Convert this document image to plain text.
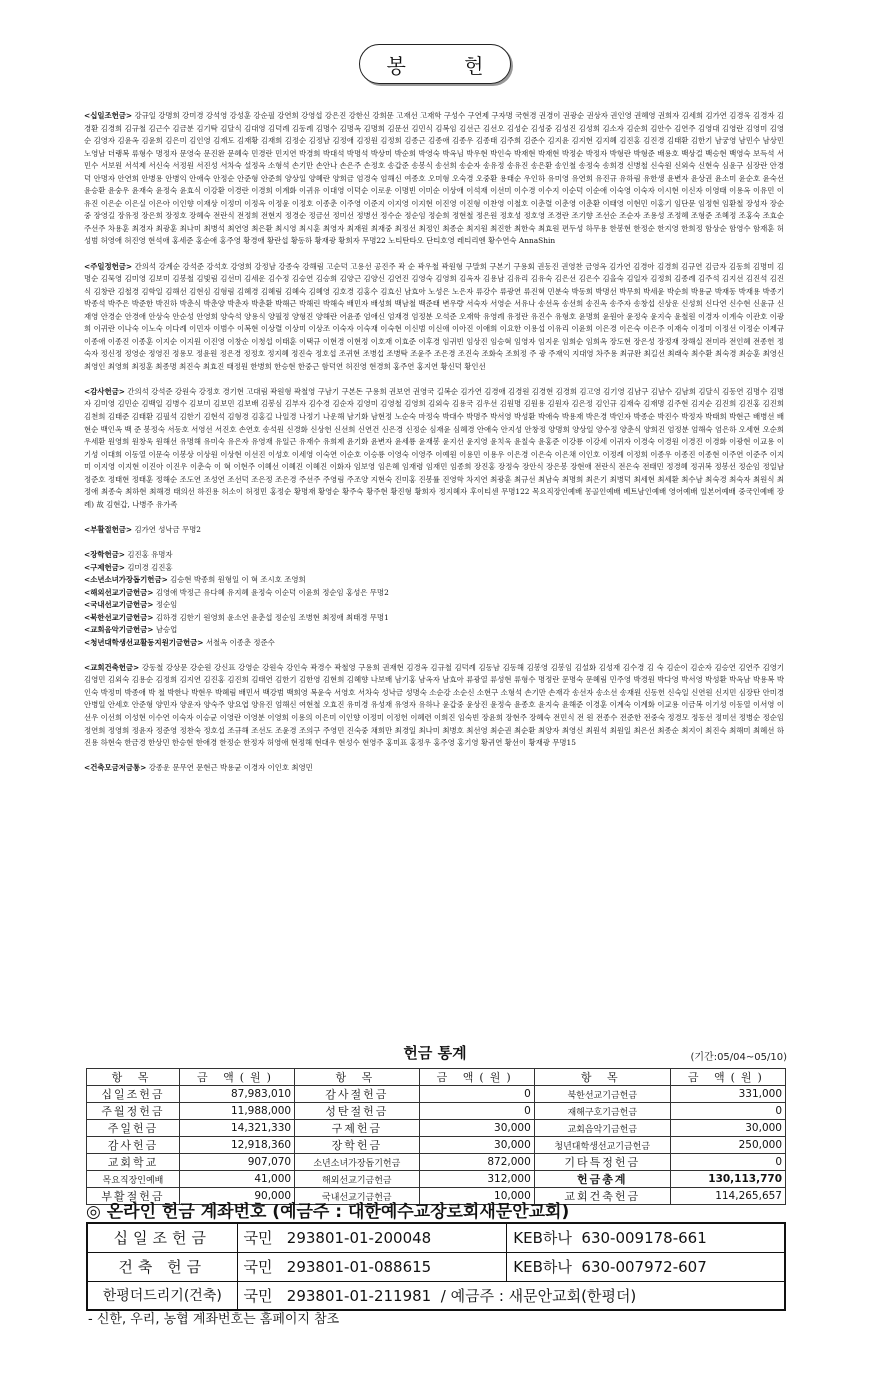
봉 헌
<십일조헌금> 강규일 강명희 강미경 강석영 강성훈 강순필 강연희 강영섭 강은진 강한신 강희문 고재선 고재학 구성수 구연제 구자명 국현경 권경이 권광순 권상자 권인영 권혜영 권희자 김세희 김가연 김경욱 김경자 김경환 김경희 김규철 김근수 김금분 김기탁 김달식 김대영 김덕례 김동례 김명수 김명옥 김명희 김문선 김민식 김복임 김선근 김선오 김성순 김성중 김성진 김성희 김소자 김순희 김안수 김연주 김영대 김영란 김영미 김영순 김영자 김윤옥 김윤희 김은미 김인영 김재도 김재황 김재희 김정순 김정남 김정애 김정원 김정희 김종근 김종애 김종우 김종태 김주희 김준수 김지윤 김지현 김지혜 김진홍 김진경 김태환 김한기 남궁영 남민수 남상민 노영남 더랭복 류형수 명정자 문영숙 문진완 문혜숙 민경란 민지연 박경희 박대석 박명석 박상미 박순희 박영숙 박옥님 박우현 박인숙 박재현 박재현 박정순 박정자 박형란 박형준 배용호 백상걸 백승현 백영숙 보득석 서민수 서보원 서석제 서신숙 서정원 서진성 서차숙 설정옥 소형석 손기만 손안나 손은주 손정호 송갑준 송봉식 송선희 송순자 송유정 송유진 송은환 송인철 송정숙 송희경 신병철 신숙원 신외숙 신현숙 심윤구 심장란 안경덕 안명자 안연희 안병용 안병익 안애숙 안정순 안준형 안준희 양상일 양혜란 양희금 엄경숙 엄해신 여종호 오미형 오숙경 오중환 용태순 우인하 유미영 유연희 유진규 유하림 유한생 윤변자 윤상권 윤소미 윤순호 윤숙선 윤승환 윤숭우 윤재숙 윤정숙 윤효식 이강환 이경란 이경희 이계화 이귀유 이대영 이덕순 이로운 이명빈 이미순 이상애 이석재 이선미 이수경 이수지 이순덕 이순애 이숙영 이숙자 이시현 이신자 이영태 이용옥 이유민 이유진 이은순 이은실 이은아 이인향 이재상 이정미 이정옥 이정윤 이정호 이종춘 이주영 이준지 이지영 이지현 이진영 이진형 이찬영 이철호 이춘렬 이춘영 이춘환 이태영 이현민 이홍기 임단문 임정현 임환철 장성자 장순중 장영길 장유정 장은희 장정호 장혜숙 전란식 전정희 전현지 정경순 정금선 정미선 정병선 정수순 정순임 정순희 정현철 정은원 정호성 정호영 조경란 조기향 조선순 조순자 조용성 조정혜 조형준 조혜정 조홍숙 조효순 주선주 차용훈 최경자 최광훈 최나미 최병석 최연영 최은환 최시영 최시훈 최영자 최재원 최재중 최정선 최정인 최종순 최지원 최진한 최한숙 최효원 편두성 하무용 한봉현 한정순 한지영 한희정 함상순 함영수 함재훈 허성범 허영애 허진영 현석애 홍세준 홍순애 홍주영 황경애 황란섭 황동하 황재광 황희자 무명22 노티탄타오 단티호영 레티리엔 황수연숙 AnnaShin
<주일정헌금> 간의석 강계순 강석준 강석호 강영희 강정남 강종숙 강해림 고순덕 고용선 공진주 곽 순 곽우철 곽원형 구말희 구본기 구용회 권동진 권영찬 금영옥 김가연 김경아 김경희 김규연 김금자 김동희 김명미 김명순 김묵영 김미영 김보미 김봉철 김빛림 김선미 김세운 김수정 김승연 김승희 김양근 김양신 김연진 김영숙 김영희 김옥자 김용남 김유리 김유숙 김은선 김은수 김을숙 김일자 김정희 김종례 김주석 김지선 김진석 김진식 김창란 김철경 김학일 김해선 김현심 김형림 김혜경 김혜림 김혜숙 김혜영 김호경 김홍수 김효신 남효아 노성은 노은자 류강수 류광연 류진혁 민분숙 박동희 박명선 박무희 박세윤 박순희 박용균 박재동 박재용 박종기 박종석 박주은 박준한 박진하 박춘식 박춘양 박춘자 박춘환 박해근 박해린 박해숙 배민자 배성희 백남철 백준태 변우량 서숙자 서영순 서유나 송선옥 송선희 송진옥 송주자 송창섭 신상운 신성희 신다연 신수현 신윤규 신재영 안경순 안경애 안상숙 안순성 안영희 양숙석 양용식 양필정 양형진 양해란 어윤종 엄애신 엄재경 엄정분 오석준 오재학 유영례 유정란 유진수 유형호 윤명희 윤원아 윤정숙 윤지숙 윤철원 이경자 이계숙 이관호 이광희 이귀란 이나숙 이노숙 이다례 이민자 이범수 이복현 이상렬 이상미 이상조 이숙자 이숙재 이숙현 이신범 이신애 이아진 이애희 이요한 이용섭 이유리 이윤희 이은경 이은숙 이은주 이재숙 이정미 이정선 이정순 이제규 이종애 이종진 이종훈 이지순 이지원 이진영 이창순 이청섭 이태훈 이택규 이현경 이현정 이호재 이효준 이후경 임귀빈 임상진 임승혁 임영자 임지운 임희순 임희옥 장도현 장은성 장정재 장해실 전미라 전인혜 전종헌 정숙자 정신정 정영순 정영진 정용모 정윤원 정은경 정정호 정지혜 정진숙 정호섭 조귀현 조병섭 조병탁 조윤주 조은경 조진숙 조화숙 조희정 주 광 주재익 지대영 차주용 최규완 최길선 최래숙 최수환 최숙경 최승훈 최영신 최영인 최영희 최정훈 최종명 최진숙 최효진 태정원 한병희 한승현 한중근 함덕연 허진영 현경희 홍주연 홍지연 황신덕 황인선
<감사헌금> 간의석 강석준 강원숙 강정호 경기현 고대림 곽원형 곽철영 구남기 구본돈 구용희 권보연 권영국 길복순 김가연 김경애 김경원 김경현 김경희 김고영 김기영 김남구 김남수 김남희 김달식 김동연 김명수 김명자 김미영 김민순 김백일 김병수 김보미 김보민 김보배 김봉심 김부자 김수경 김순자 김영미 김영철 김영희 김외숙 김용국 김우선 김원명 김원용 김원자 김은정 김인규 김재숙 김재명 김주현 김지순 김진희 김진홍 김진희 김천희 김태준 김태환 김필석 김한기 김현석 김형경 김홍길 나일경 나정기 나운해 남기화 남현정 노순숙 마정숙 박대수 박명주 박서영 박성환 박애숙 박용재 박은경 박인자 박종순 박진수 박정자 박태희 박현근 배병선 배현순 백인옥 백 준 봉정숙 서동호 서영선 서진호 손연호 송석원 신경화 신상헌 신선희 신연건 신은경 신정순 심재윤 심혜경 안애숙 안지성 안창정 양명희 양상일 양수정 양춘식 양희진 엄정분 엄해숙 엄은하 오세현 오순희 우세환 원영희 원창욱 원해선 유명해 유미숙 유은자 유영재 유일근 유재수 유희제 윤기화 윤변자 윤세룡 윤재봉 윤지선 윤지영 윤치욱 윤칠숙 윤홍준 이강룡 이강세 이귀자 이경숙 이경원 이경진 이경화 이광현 이교용 이기성 이대희 이동열 이문숙 이봉상 이상원 이상현 이선진 이성호 이세영 이숙연 이순호 이승룡 이영숙 이영주 이예원 이용민 이용우 이은경 이은숙 이은채 이인호 이정례 이정희 이종우 이종진 이종현 이주연 이준주 이지미 이지영 이지현 이진아 이진우 이춘숙 이 혁 이현주 이혜선 이혜진 이혜진 이화자 임보영 임은혜 임재령 임재민 임종희 장진홍 장정숙 장안식 장은봉 장현애 전란식 전은숙 전태민 정경혜 정귀복 정봉선 정순임 정일남 정준호 정태현 정태훈 정해순 조도연 조성연 조선덕 조은정 조은경 주선주 주영림 주조양 지현숙 진미홍 진봉률 진영학 차지연 최광훈 최규선 최남숙 최명희 최은기 최병덕 최세현 최세환 최수남 최숙경 최숙자 최원식 최정애 최종숙 최하현 최해경 태의선 하진용 허소이 허정민 홍정순 황명재 황영순 황주숙 황주현 황진형 황희자 정지혜자 후이티센 무명122 목요직장인예배 몽골인예배 베트남인예배 영어예배 일본어예배 중국인예배 장례) 故 김현갑, 나병주 유가족
<부활절헌금> 김가연 성낙금 무명2
<장학헌금> 김진홍 유명자
<구제헌금> 김미경 김진홍
<소년소녀가장돕기헌금> 김승현 박종희 원형일 이 혁 조시호 조영희
<해외선교기금헌금> 김영애 박정근 유다혜 유지혜 윤정숙 이순덕 이윤희 정순임 홍성은 무명2
<국내선교기금헌금> 정순임
<북한선교기금헌금> 김하경 김한기 원영희 윤소연 윤춘섭 정순임 조병현 최정애 최태경 무명1
<교회음악기금헌금> 남승업
<청년대학생선교활동지원기금헌금> 서철옥 이종춘 정준수
<교회건축헌금> 강동철 강상문 강순원 강신표 강영순 강원숙 강인숙 곽경수 곽철영 구용희 권재현 김경옥 김규철 김덕례 김동남 김동해 김봉영 김봉임 김설화 김성재 김수경 김 숙 김순이 김순자 김승연 김연주 김영기 김영민 김외숙 김용순 김정희 김지연 김진홍 김진희 김태연 김한기 김한영 김현희 김혜향 나보배 남기홍 남옥자 남효아 류광열 류성현 류형수 명정란 문명숙 문혜림 민주영 박경원 박다영 박서영 박성환 박옥남 박용복 박인숙 박정미 박종애 박 철 박한나 박현우 박혜림 배민서 백강범 백희영 복윤숙 서영호 서차숙 성낙금 성명숙 소순강 소순신 소현구 소형석 손기만 손재각 송선자 송소선 송재원 신동헌 신숙일 신연원 신지민 심장탄 안미경 안병일 안세호 안준형 양민자 양운자 양숙주 양요엽 양유진 엄해신 여현철 오효진 유미경 유성재 유영자 유하나 윤갑중 윤상진 윤정숙 윤종호 윤지숙 윤해준 이경훈 이계숙 이계화 이교용 이금복 이기성 이동열 이서영 이선우 이선희 이성현 이수연 이숙자 이승균 이영란 이영분 이영희 이용의 이은미 이인향 이정미 이정헌 이혜련 이희진 임숙빈 장윤희 장현주 장혜숙 전민식 전 원 전종수 전준한 전중숙 정경모 정동선 정미선 정병순 정순임 정연희 정영희 정윤자 정준영 정찬숙 정호섭 조규해 조선도 조윤경 조의구 주영민 진숙중 채희만 최경일 최나미 최병호 최선영 최순권 최순환 최양자 최영신 최원석 최원일 최은선 최종순 최지이 최진숙 최해미 최혜선 하진용 하현숙 한금경 한상민 한승현 한애경 한정순 한정자 허영애 현정해 현대우 현성수 현영주 홍미표 홍정우 홍주영 홍기영 황귀연 황선이 황재광 무명15
<건축모금저금통> 강종운 문무연 문현근 박용균 이경자 이인호 최영민
헌금 통계	(기간:05/04~05/10)
항 목	금 액(원)	항 목	금 액(원)	항 목	금 액(원)
십일조헌금	87,983,010	감사절헌금	0	북한선교기금헌금	331,000
주월정헌금	11,988,000	성탄절헌금	0	재해구호기금헌금	0
주일헌금	14,321,330	구제헌금	30,000	교회음악기금헌금	30,000
감사헌금	12,918,360	장학헌금	30,000	청년대학생선교기금헌금	250,000
교회학교	907,070	소년소녀가장돕기헌금	872,000	기타특정헌금	0
목요직장인예배	41,000	해외선교기금헌금	312,000	헌금총계	130,113,770
부활절헌금	90,000	국내선교기금헌금	10,000	교회건축헌금	114,265,657
◎ 온라인 헌금 계좌번호 (예금주 : 대한예수교장로회새문안교회)
십일조헌금	국민 293801-01-200048	KEB하나 630-009178-661
건축 헌금	국민 293801-01-088615	KEB하나 630-007972-607
한평더드리기(건축)	국민 293801-01-211981 / 예금주 : 새문안교회(한평더)	
- 신한, 우리, 농협 계좌번호는 홈페이지 참조
